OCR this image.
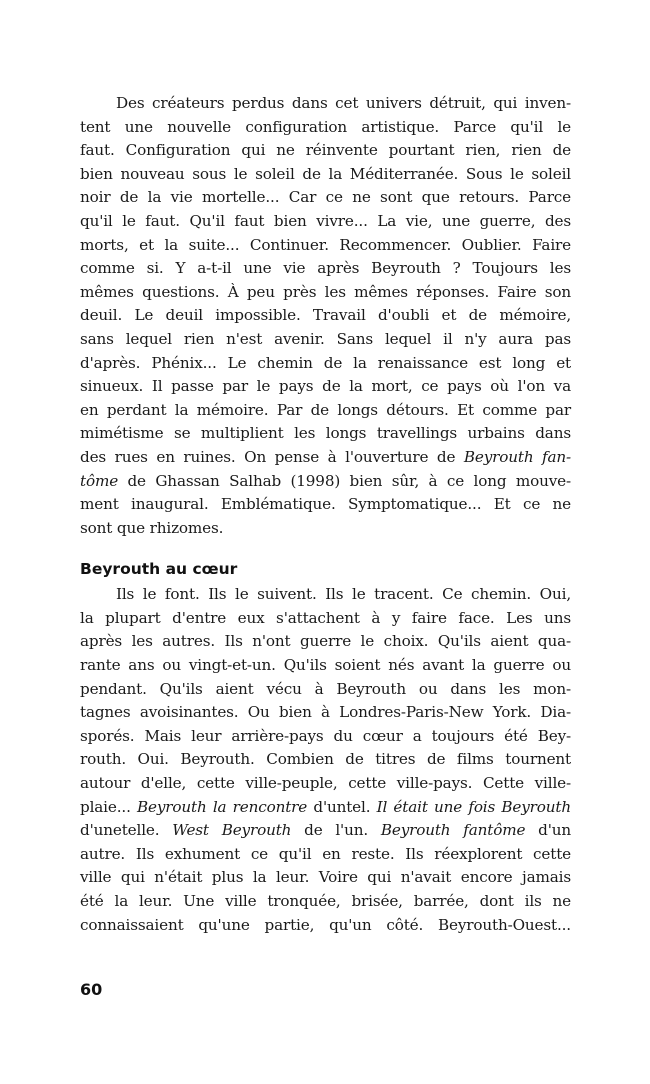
Des créateurs perdus dans cet univers détruit, qui inven-
tent une nouvelle configuration artistique. Parce qu'il le
faut. Configuration qui ne réinvente pourtant rien, rien de
bien nouveau sous le soleil de la Méditerranée. Sous le soleil
noir de la vie mortelle... Car ce ne sont que retours. Parce
qu'il le faut. Qu'il faut bien vivre... La vie, une guerre, des
morts, et la suite... Continuer. Recommencer. Oublier. Faire
comme si. Y a-t-il une vie après Beyrouth ? Toujours les
mêmes questions. À peu près les mêmes réponses. Faire son
deuil. Le deuil impossible. Travail d'oubli et de mémoire,
sans lequel rien n'est avenir. Sans lequel il n'y aura pas
d'après. Phénix... Le chemin de la renaissance est long et
sinueux. Il passe par le pays de la mort, ce pays où l'on va
en perdant la mémoire. Par de longs détours. Et comme par
mimétisme se multiplient les longs travellings urbains dans
des rues en ruines. On pense à l'ouverture de Beyrouth fan-
tôme de Ghassan Salhab (1998) bien sûr, à ce long mouve-
ment inaugural. Emblématique. Symptomatique... Et ce ne
sont que rhizomes.
Beyrouth au cœur
Ils le font. Ils le suivent. Ils le tracent. Ce chemin. Oui,
la plupart d'entre eux s'attachent à y faire face. Les uns
après les autres. Ils n'ont guerre le choix. Qu'ils aient qua-
rante ans ou vingt-et-un. Qu'ils soient nés avant la guerre ou
pendant. Qu'ils aient vécu à Beyrouth ou dans les mon-
tagnes avoisinantes. Ou bien à Londres-Paris-New York. Dia-
sporés. Mais leur arrière-pays du cœur a toujours été Bey-
routh. Oui. Beyrouth. Combien de titres de films tournent
autour d'elle, cette ville-peuple, cette ville-pays. Cette ville-
plaie... Beyrouth la rencontre d'untel. Il était une fois Beyrouth
d'unetelle. West Beyrouth de l'un. Beyrouth fantôme d'un
autre. Ils exhument ce qu'il en reste. Ils réexplorent cette
ville qui n'était plus la leur. Voire qui n'avait encore jamais
été la leur. Une ville tronquée, brisée, barrée, dont ils ne
connaissaient qu'une partie, qu'un côté. Beyrouth-Ouest...
60
